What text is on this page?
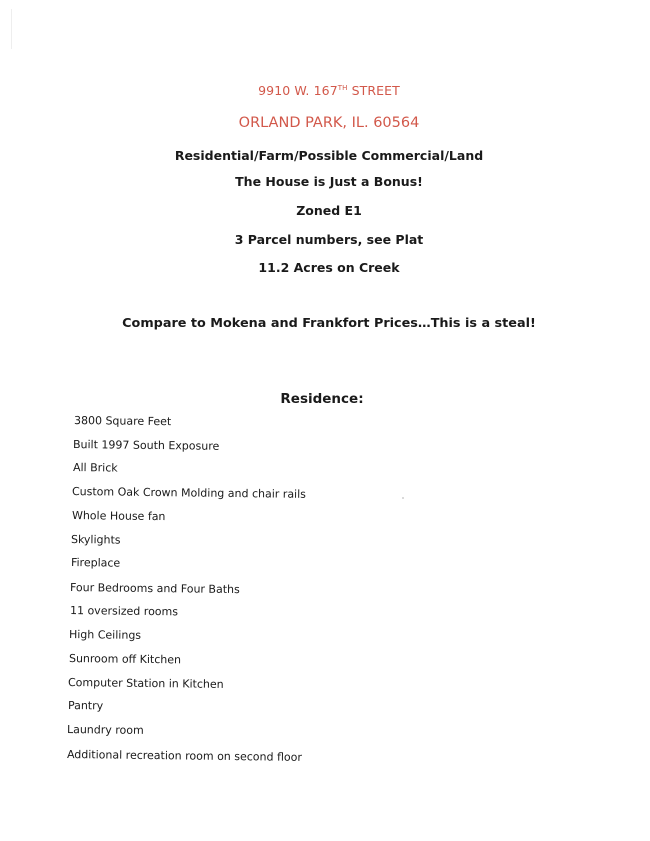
9910 W. 167TH STREET
ORLAND PARK, IL. 60564
Residential/Farm/Possible Commercial/Land
The House is Just a Bonus!
Zoned E1
3 Parcel numbers, see Plat
11.2 Acres on Creek
Compare to Mokena and Frankfort Prices…This is a steal!
Residence:
3800 Square Feet
Built 1997 South Exposure
All Brick
Custom Oak Crown Molding and chair rails
Whole House fan
Skylights
Fireplace
Four Bedrooms and Four Baths
11 oversized rooms
High Ceilings
Sunroom off Kitchen
Computer Station in Kitchen
Pantry
Laundry room
Additional recreation room on second floor
